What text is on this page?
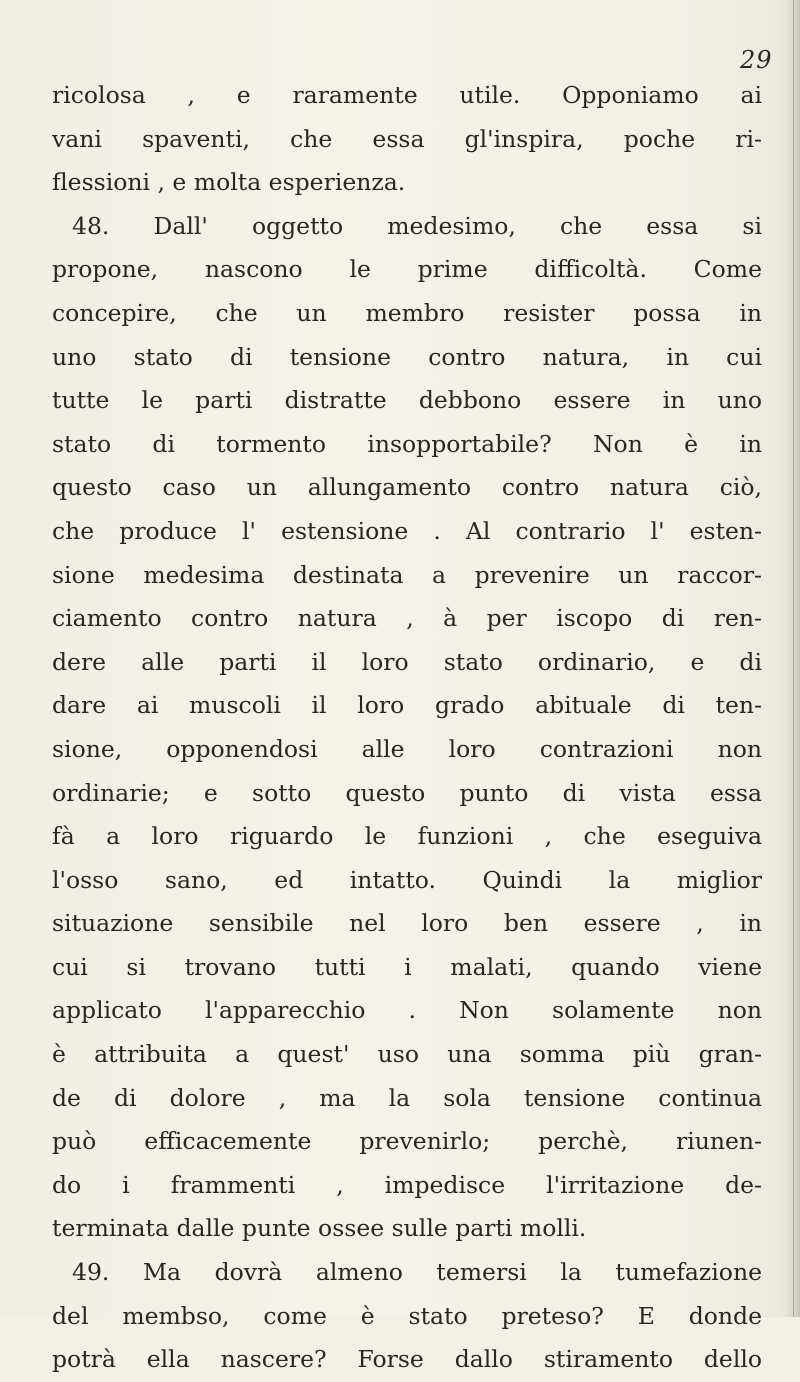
29
ricolosa , e raramente utile. Opponiamo ai
vani spaventi, che essa gl'inspira, poche ri-
flessioni , e molta esperienza.
48. Dall' oggetto medesimo, che essa si
propone, nascono le prime difficoltà. Come
concepire, che un membro resister possa in
uno stato di tensione contro natura, in cui
tutte le parti distratte debbono essere in uno
stato di tormento insopportabile? Non è in
questo caso un allungamento contro natura ciò,
che produce l' estensione . Al contrario l' esten-
sione medesima destinata a prevenire un raccor-
ciamento contro natura , à per iscopo di ren-
dere alle parti il loro stato ordinario, e di
dare ai muscoli il loro grado abituale di ten-
sione, opponendosi alle loro contrazioni non
ordinarie; e sotto questo punto di vista essa
fà a loro riguardo le funzioni , che eseguiva
l'osso sano, ed intatto. Quindi la miglior
situazione sensibile nel loro ben essere , in
cui si trovano tutti i malati, quando viene
applicato l'apparecchio . Non solamente non
è attribuita a quest' uso una somma più gran-
de di dolore , ma la sola tensione continua
può efficacemente prevenirlo; perchè, riunen-
do i frammenti , impedisce l'irritazione de-
terminata dalle punte ossee sulle parti molli.
49. Ma dovrà almeno temersi la tumefazione
del membso, come è stato preteso? E donde
potrà ella nascere? Forse dallo stiramento dello
